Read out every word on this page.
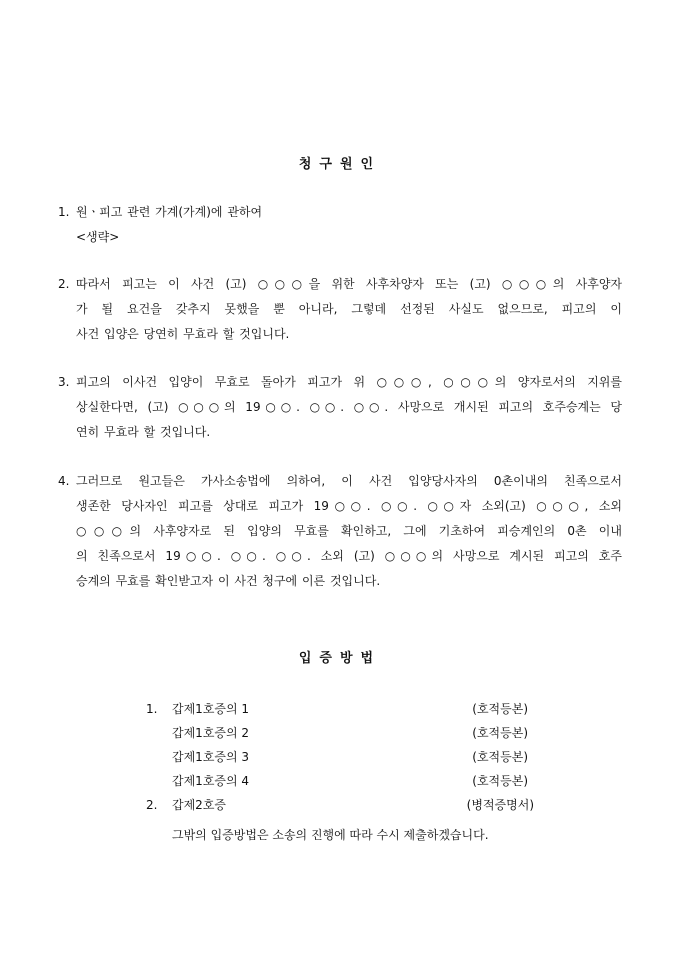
청구원인
1. 원ㆍ피고 관련 가계(가계)에 관하여
<생략>
2. 따라서 피고는 이 사건 (고) ○○○을 위한 사후차양자 또는 (고) ○○○의 사후양자
가 될 요건을 갖추지 못했을 뿐 아니라, 그렇데 선정된 사실도 없으므로, 피고의 이
사건 입양은 당연히 무효라 할 것입니다.
3. 피고의 이사건 입양이 무효로 돌아가 피고가 위 ○○○, ○○○의 양자로서의 지위를
상실한다면, (고) ○○○의 19○○. ○○. ○○. 사망으로 개시된 피고의 호주승계는 당
연히 무효라 할 것입니다.
4. 그러므로 원고들은 가사소송법에 의하여, 이 사건 입양당사자의 0촌이내의 친족으로서
생존한 당사자인 피고를 상대로 피고가 19○○. ○○. ○○자 소외(고) ○○○, 소외
○○○의 사후양자로 된 입양의 무효를 확인하고, 그에 기초하여 피승계인의 0촌 이내
의 친족으로서 19○○. ○○. ○○. 소외 (고) ○○○의 사망으로 계시된 피고의 호주
승계의 무효를 확인받고자 이 사건 청구에 이른 것입니다.
입증방법
1. 갑제1호증의 1	(호적등본)
갑제1호증의 2	(호적등본)
갑제1호증의 3	(호적등본)
갑제1호증의 4	(호적등본)
2. 갑제2호증	(병적증명서)
그밖의 입증방법은 소송의 진행에 따라 수시 제출하겠습니다.
